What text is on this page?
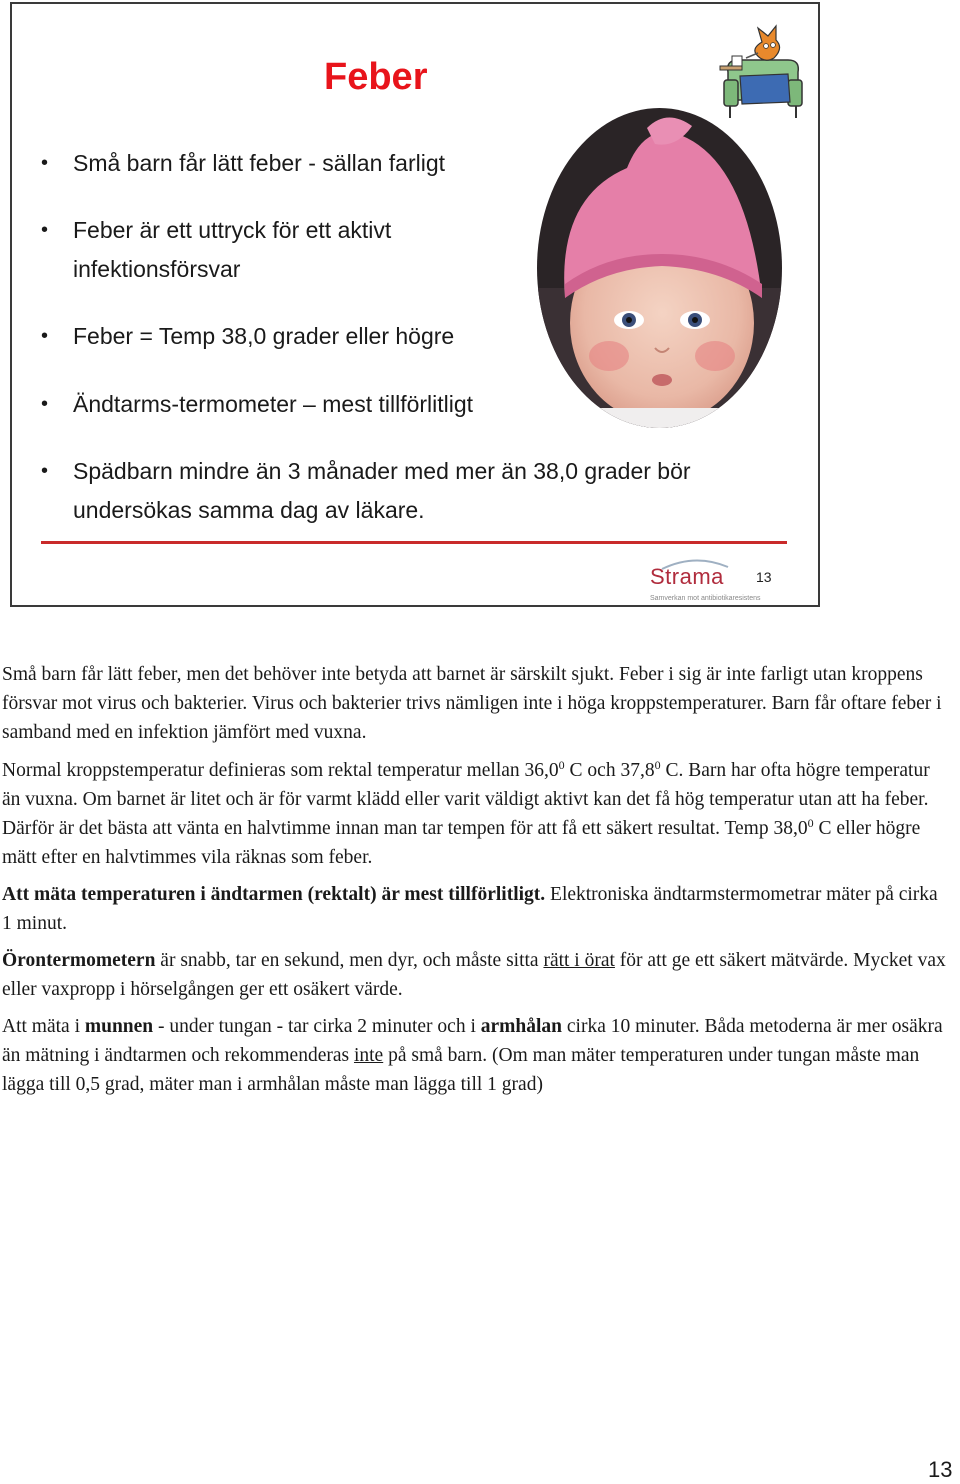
Feber
• Små barn får lätt feber - sällan farligt
• Feber är ett uttryck för ett aktivt infektionsförsvar
• Feber = Temp 38,0 grader eller högre
• Ändtarms-termometer – mest tillförlitligt
• Spädbarn mindre än 3 månader med mer än 38,0 grader bör undersökas samma dag av läkare.
Strama
Samverkan mot antibiotikaresistens
13

Små barn får lätt feber, men det behöver inte betyda att barnet är särskilt sjukt. Feber i sig är inte farligt utan kroppens försvar mot virus och bakterier. Virus och bakterier trivs nämligen inte i höga kroppstemperaturer. Barn får oftare feber i samband med en infektion jämfört med vuxna.

Normal kroppstemperatur definieras som rektal temperatur mellan 36,0$^0$ C och 37,8$^0$ C. Barn har ofta högre temperatur än vuxna. Om barnet är litet och är för varmt klädd eller varit väldigt aktivt kan det få hög temperatur utan att ha feber. Därför är det bästa att vänta en halvtimme innan man tar tempen för att få ett säkert resultat. Temp 38,0$^0$ C eller högre mätt efter en halvtimmes vila räknas som feber.

Att mäta temperaturen i ändtarmen (rektalt) är mest tillförlitligt. Elektroniska ändtarmstermometrar mäter på cirka 1 minut.

Örontermometern är snabb, tar en sekund, men dyr, och måste sitta rätt i örat för att ge ett säkert mätvärde. Mycket vax eller vaxpropp i hörselgången ger ett osäkert värde.

Att mäta i munnen - under tungan - tar cirka 2 minuter och i armhålan cirka 10 minuter. Båda metoderna är mer osäkra än mätning i ändtarmen och rekommenderas inte på små barn. (Om man mäter temperaturen under tungan måste man lägga till 0,5 grad, mäter man i armhålan måste man lägga till 1 grad)

13
